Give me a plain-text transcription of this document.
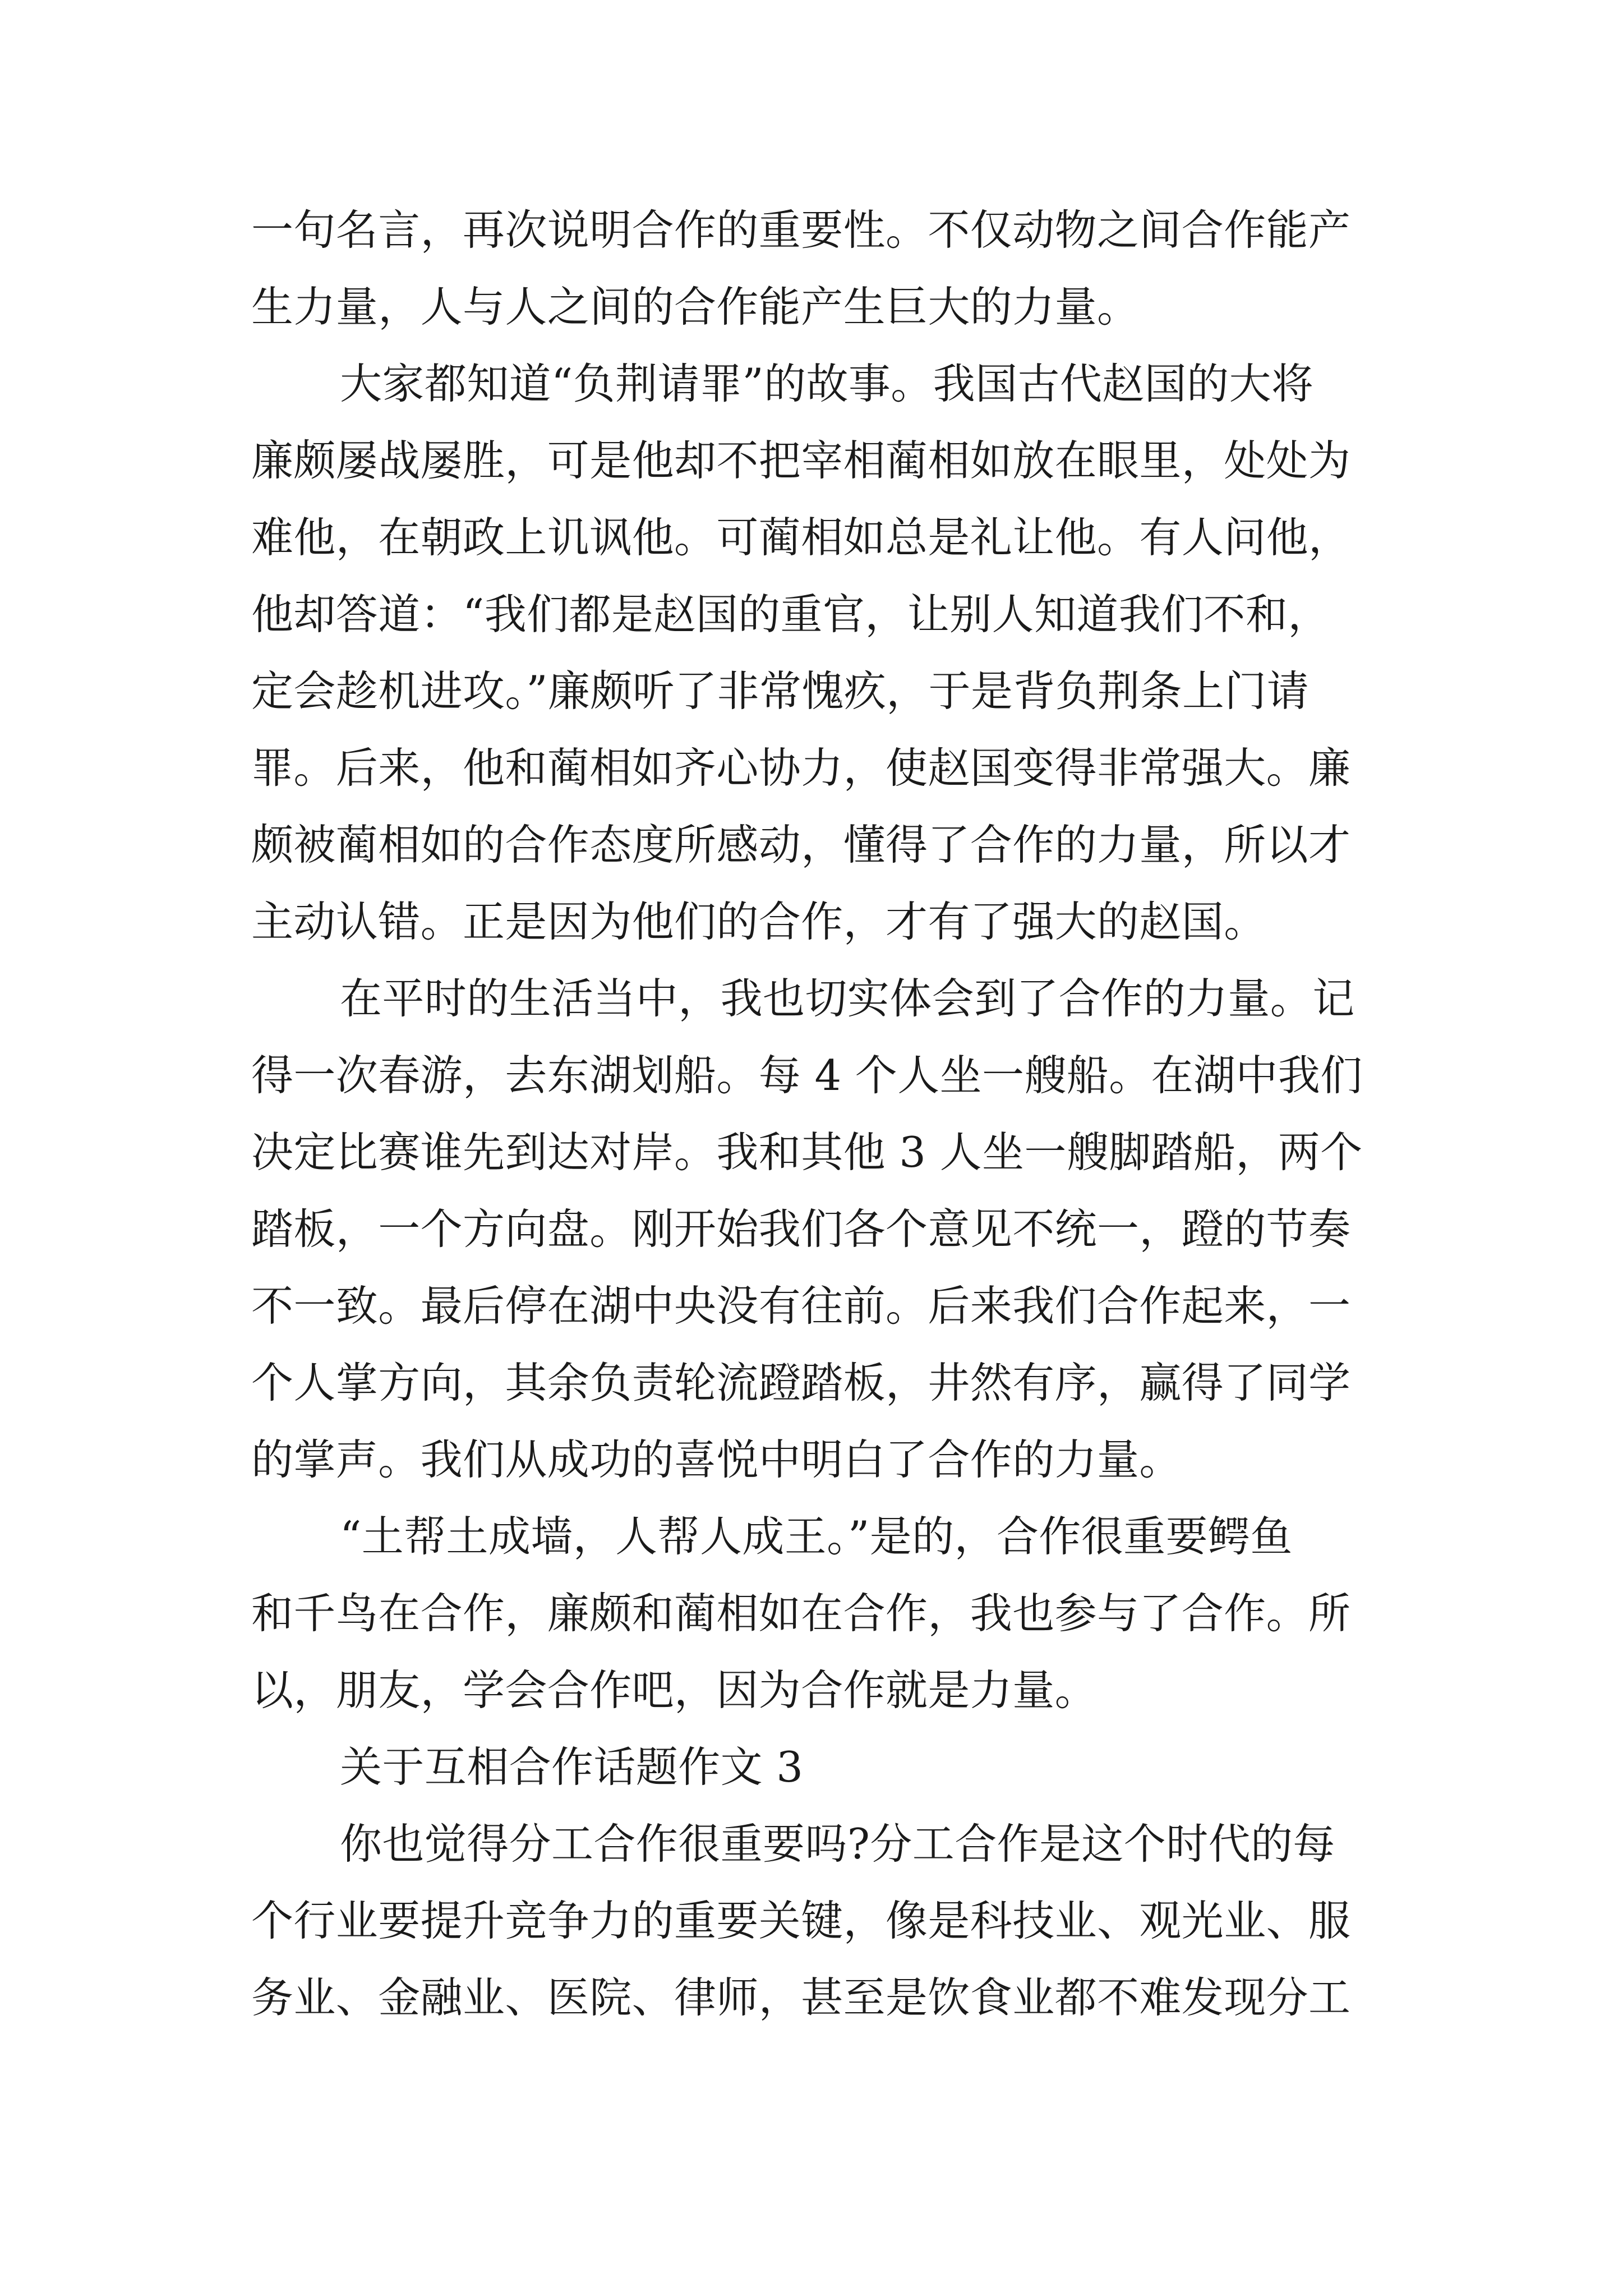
一句名言，再次说明合作的重要性。不仅动物之间合作能产
生力量，人与人之间的合作能产生巨大的力量。
大家都知道“负荆请罪”的故事。我国古代赵国的大将
廉颇屡战屡胜，可是他却不把宰相蔺相如放在眼里，处处为
难他，在朝政上讥讽他。可蔺相如总是礼让他。有人问他，
他却答道：“我们都是赵国的重官，让别人知道我们不和，
定会趁机进攻。”廉颇听了非常愧疚，于是背负荆条上门请
罪。后来，他和蔺相如齐心协力，使赵国变得非常强大。廉
颇被蔺相如的合作态度所感动，懂得了合作的力量，所以才
主动认错。正是因为他们的合作，才有了强大的赵国。
在平时的生活当中，我也切实体会到了合作的力量。记
得一次春游，去东湖划船。每 4 个人坐一艘船。在湖中我们
决定比赛谁先到达对岸。我和其他 3 人坐一艘脚踏船，两个
踏板，一个方向盘。刚开始我们各个意见不统一，蹬的节奏
不一致。最后停在湖中央没有往前。后来我们合作起来，一
个人掌方向，其余负责轮流蹬踏板，井然有序，赢得了同学
的掌声。我们从成功的喜悦中明白了合作的力量。
“土帮土成墙，人帮人成王。”是的，合作很重要鳄鱼
和千鸟在合作，廉颇和蔺相如在合作，我也参与了合作。所
以，朋友，学会合作吧，因为合作就是力量。
关于互相合作话题作文 3
你也觉得分工合作很重要吗?分工合作是这个时代的每
个行业要提升竞争力的重要关键，像是科技业、观光业、服
务业、金融业、医院、律师，甚至是饮食业都不难发现分工
